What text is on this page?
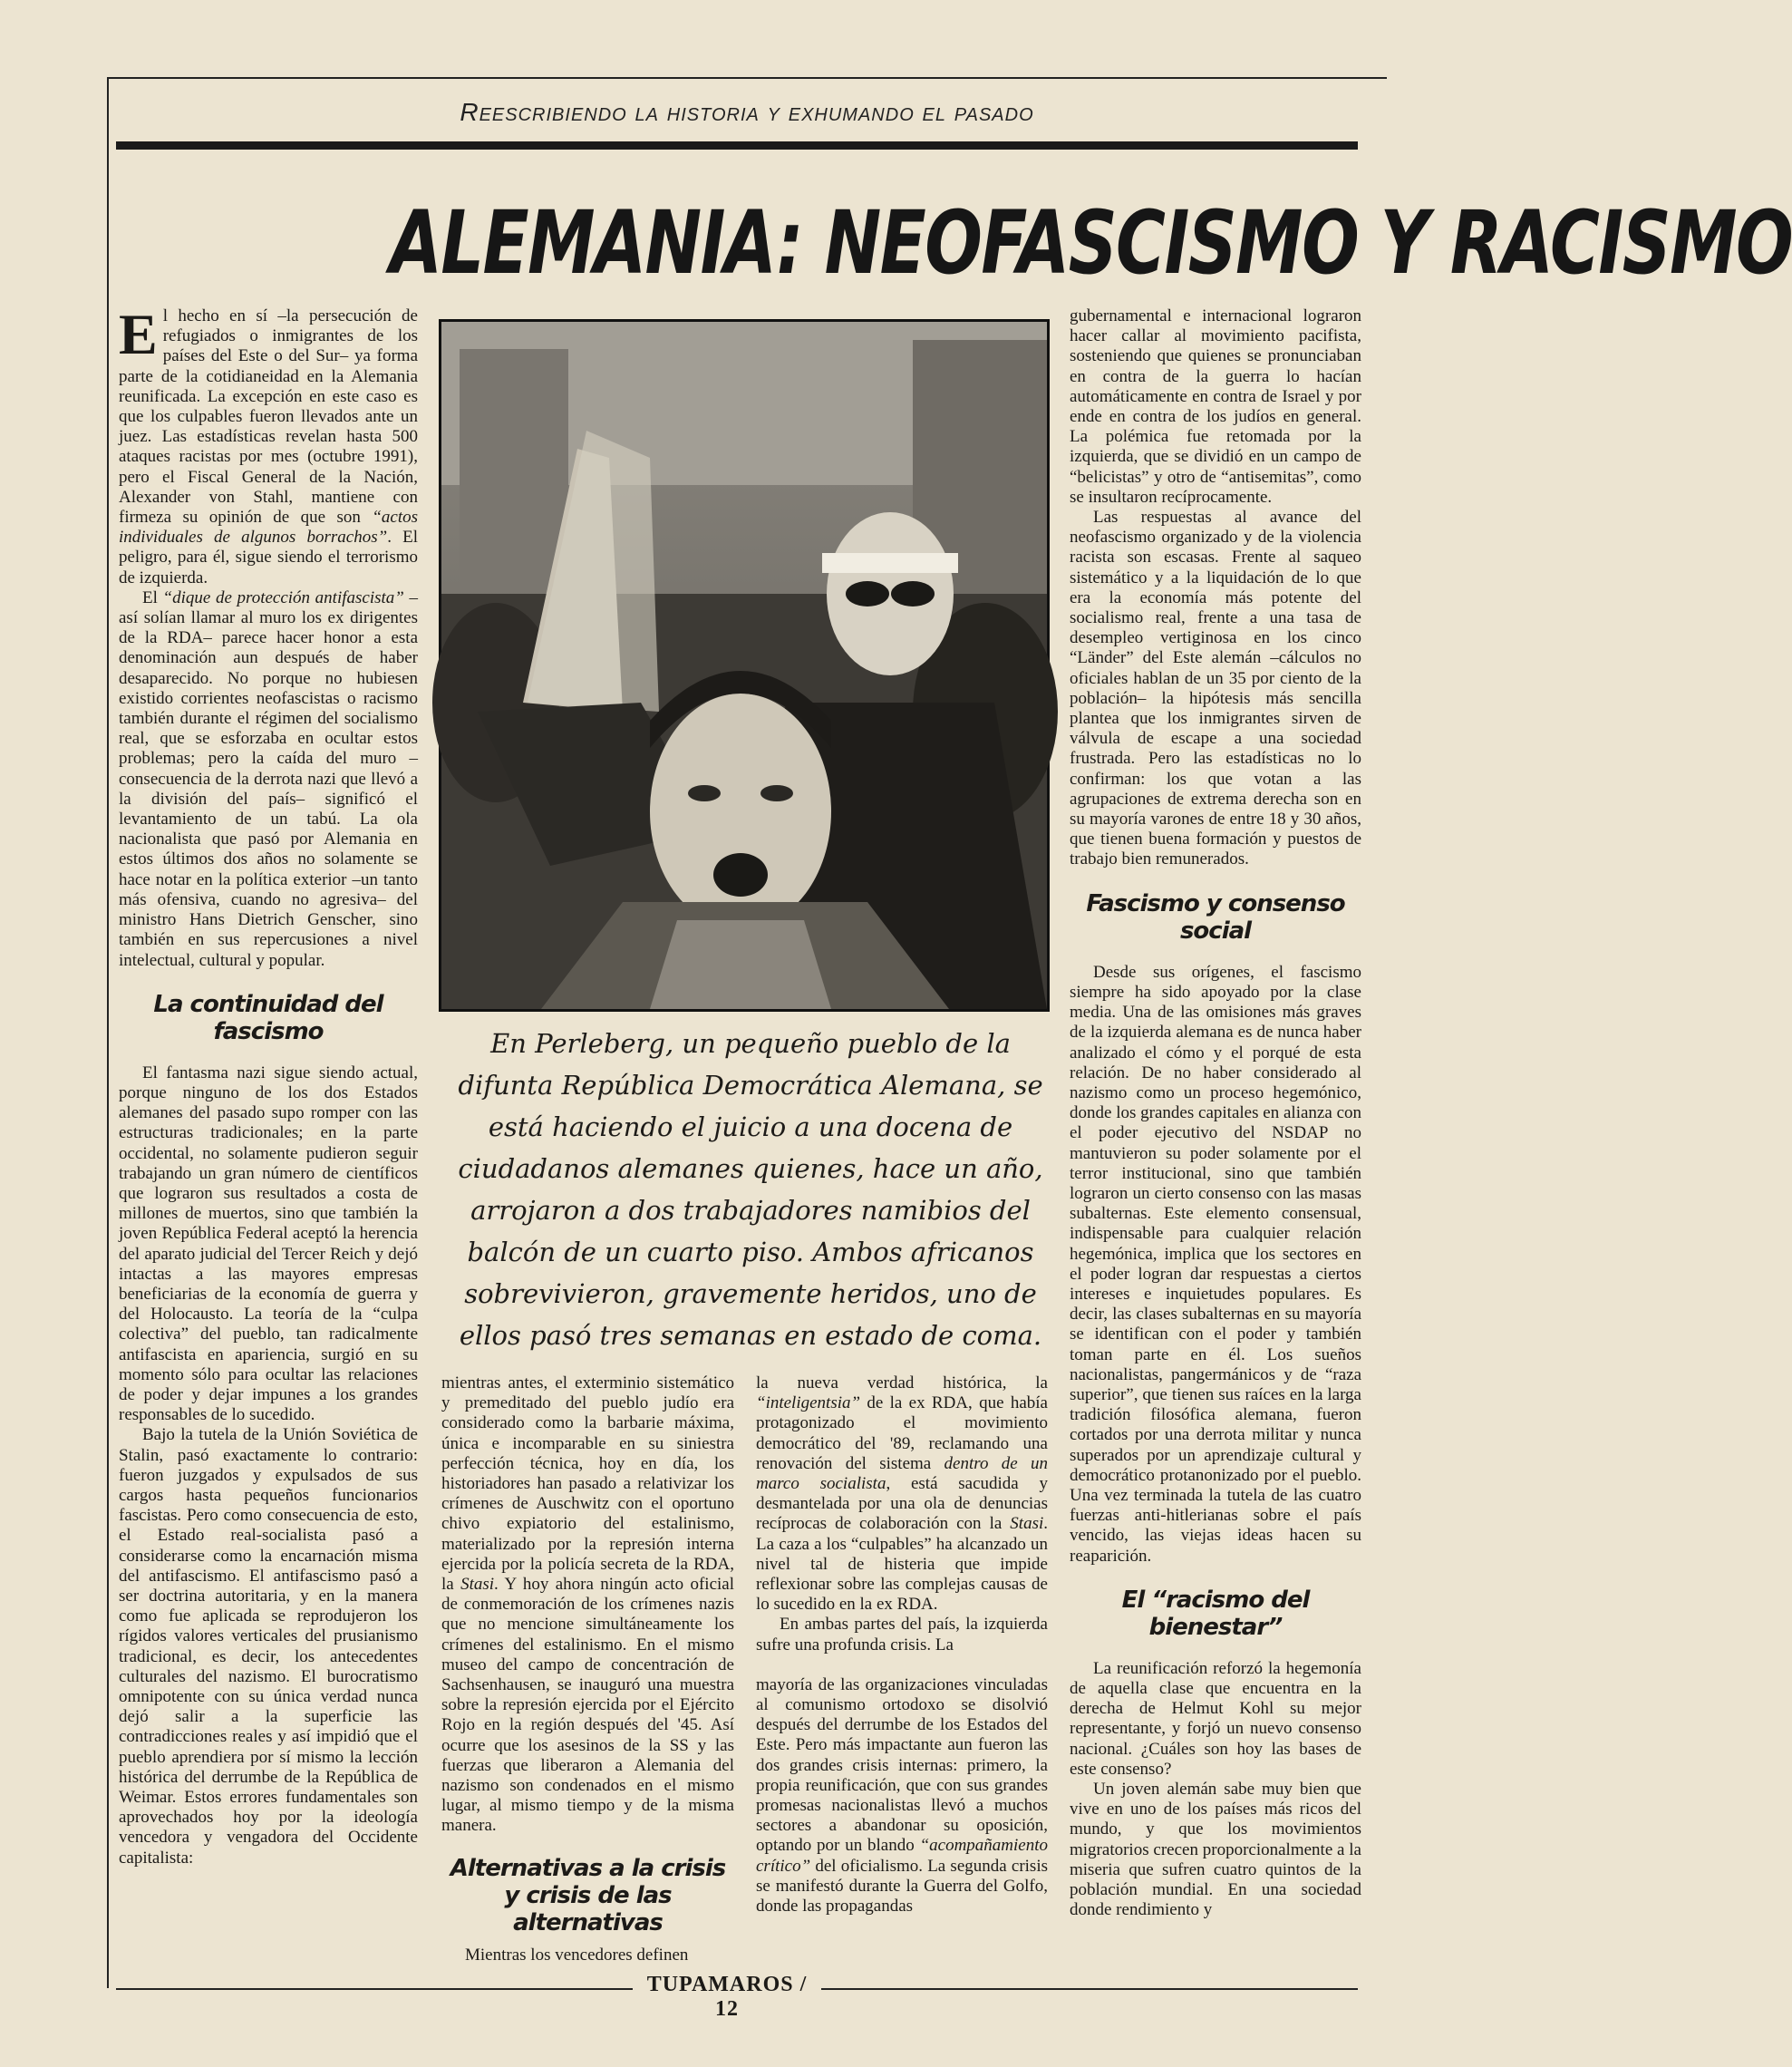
Reescribiendo la historia y exhumando el pasado
ALEMANIA: NEOFASCISMO Y RACISMO

El hecho en sí –la persecución de refugiados o inmigrantes de los países del Este o del Sur– ya forma parte de la cotidianeidad en la Alemania reunificada. La excepción en este caso es que los culpables fueron llevados ante un juez. Las estadísticas revelan hasta 500 ataques racistas por mes (octubre 1991), pero el Fiscal General de la Nación, Alexander von Stahl, mantiene con firmeza su opinión de que son “actos individuales de algunos borrachos”. El peligro, para él, sigue siendo el terrorismo de izquierda.

El “dique de protección antifascista” –así solían llamar al muro los ex dirigentes de la RDA– parece hacer honor a esta denominación aun después de haber desaparecido. No porque no hubiesen existido corrientes neofascistas o racismo también durante el régimen del socialismo real, que se esforzaba en ocultar estos problemas; pero la caída del muro –consecuencia de la derrota nazi que llevó a la división del país– significó el levantamiento de un tabú. La ola nacionalista que pasó por Alemania en estos últimos dos años no solamente se hace notar en la política exterior –un tanto más ofensiva, cuando no agresiva– del ministro Hans Dietrich Genscher, sino también en sus repercusiones a nivel intelectual, cultural y popular.

La continuidad del fascismo

El fantasma nazi sigue siendo actual, porque ninguno de los dos Estados alemanes del pasado supo romper con las estructuras tradicionales; en la parte occidental, no solamente pudieron seguir trabajando un gran número de científicos que lograron sus resultados a costa de millones de muertos, sino que también la joven República Federal aceptó la herencia del aparato judicial del Tercer Reich y dejó intactas a las mayores empresas beneficiarias de la economía de guerra y del Holocausto. La teoría de la “culpa colectiva” del pueblo, tan radicalmente antifascista en apariencia, surgió en su momento sólo para ocultar las relaciones de poder y dejar impunes a los grandes responsables de lo sucedido.

Bajo la tutela de la Unión Soviética de Stalin, pasó exactamente lo contrario: fueron juzgados y expulsados de sus cargos hasta pequeños funcionarios fascistas. Pero como consecuencia de esto, el Estado real-socialista pasó a considerarse como la encarnación misma del antifascismo. El antifascismo pasó a ser doctrina autoritaria, y en la manera como fue aplicada se reprodujeron los rígidos valores verticales del prusianismo tradicional, es decir, los antecedentes culturales del nazismo. El burocratismo omnipotente con su única verdad nunca dejó salir a la superficie las contradicciones reales y así impidió que el pueblo aprendiera por sí mismo la lección histórica del derrumbe de la República de Weimar. Estos errores fundamentales son aprovechados hoy por la ideología vencedora y vengadora del Occidente capitalista:

En Perleberg, un pequeño pueblo de la difunta República Democrática Alemana, se está haciendo el juicio a una docena de ciudadanos alemanes quienes, hace un año, arrojaron a dos trabajadores namibios del balcón de un cuarto piso. Ambos africanos sobrevivieron, gravemente heridos, uno de ellos pasó tres semanas en estado de coma.

mientras antes, el exterminio sistemático y premeditado del pueblo judío era considerado como la barbarie máxima, única e incomparable en su siniestra perfección técnica, hoy en día, los historiadores han pasado a relativizar los crímenes de Auschwitz con el oportuno chivo expiatorio del estalinismo, materializado por la represión interna ejercida por la policía secreta de la RDA, la Stasi. Y hoy ahora ningún acto oficial de conmemoración de los crímenes nazis que no mencione simultáneamente los crímenes del estalinismo. En el mismo museo del campo de concentración de Sachsenhausen, se inauguró una muestra sobre la represión ejercida por el Ejército Rojo en la región después del '45. Así ocurre que los asesinos de la SS y las fuerzas que liberaron a Alemania del nazismo son condenados en el mismo lugar, al mismo tiempo y de la misma manera.

Alternativas a la crisis
y crisis de las alternativas

Mientras los vencedores definen

la nueva verdad histórica, la “inteligentsia” de la ex RDA, que había protagonizado el movimiento democrático del '89, reclamando una renovación del sistema dentro de un marco socialista, está sacudida y desmantelada por una ola de denuncias recíprocas de colaboración con la Stasi. La caza a los “culpables” ha alcanzado un nivel tal de histeria que impide reflexionar sobre las complejas causas de lo sucedido en la ex RDA.

En ambas partes del país, la izquierda sufre una profunda crisis. La

mayoría de las organizaciones vinculadas al comunismo ortodoxo se disolvió después del derrumbe de los Estados del Este. Pero más impactante aun fueron las dos grandes crisis internas: primero, la propia reunificación, que con sus grandes promesas nacionalistas llevó a muchos sectores a abandonar su oposición, optando por un blando “acompañamiento crítico” del oficialismo. La segunda crisis se manifestó durante la Guerra del Golfo, donde las propagandas

gubernamental e internacional lograron hacer callar al movimiento pacifista, sosteniendo que quienes se pronunciaban en contra de la guerra lo hacían automáticamente en contra de Israel y por ende en contra de los judíos en general. La polémica fue retomada por la izquierda, que se dividió en un campo de “belicistas” y otro de “antisemitas”, como se insultaron recíprocamente.

Las respuestas al avance del neofascismo organizado y de la violencia racista son escasas. Frente al saqueo sistemático y a la liquidación de lo que era la economía más potente del socialismo real, frente a una tasa de desempleo vertiginosa en los cinco “Länder” del Este alemán –cálculos no oficiales hablan de un 35 por ciento de la población– la hipótesis más sencilla plantea que los inmigrantes sirven de válvula de escape a una sociedad frustrada. Pero las estadísticas no lo confirman: los que votan a las agrupaciones de extrema derecha son en su mayoría varones de entre 18 y 30 años, que tienen buena formación y puestos de trabajo bien remunerados.

Fascismo y consenso social

Desde sus orígenes, el fascismo siempre ha sido apoyado por la clase media. Una de las omisiones más graves de la izquierda alemana es de nunca haber analizado el cómo y el porqué de esta relación. De no haber considerado al nazismo como un proceso hegemónico, donde los grandes capitales en alianza con el poder ejecutivo del NSDAP no mantuvieron su poder solamente por el terror institucional, sino que también lograron un cierto consenso con las masas subalternas. Este elemento consensual, indispensable para cualquier relación hegemónica, implica que los sectores en el poder logran dar respuestas a ciertos intereses e inquietudes populares. Es decir, las clases subalternas en su mayoría se identifican con el poder y también toman parte en él. Los sueños nacionalistas, pangermánicos y de “raza superior”, que tienen sus raíces en la larga tradición filosófica alemana, fueron cortados por una derrota militar y nunca superados por un aprendizaje cultural y democrático protanonizado por el pueblo. Una vez terminada la tutela de las cuatro fuerzas anti-hitlerianas sobre el país vencido, las viejas ideas hacen su reaparición.

El “racismo del bienestar”

La reunificación reforzó la hegemonía de aquella clase que encuentra en la derecha de Helmut Kohl su mejor representante, y forjó un nuevo consenso nacional. ¿Cuáles son hoy las bases de este consenso?

Un joven alemán sabe muy bien que vive en uno de los países más ricos del mundo, y que los movimientos migratorios crecen proporcionalmente a la miseria que sufren cuatro quintos de la población mundial. En una sociedad donde rendimiento y

TUPAMAROS / 12
